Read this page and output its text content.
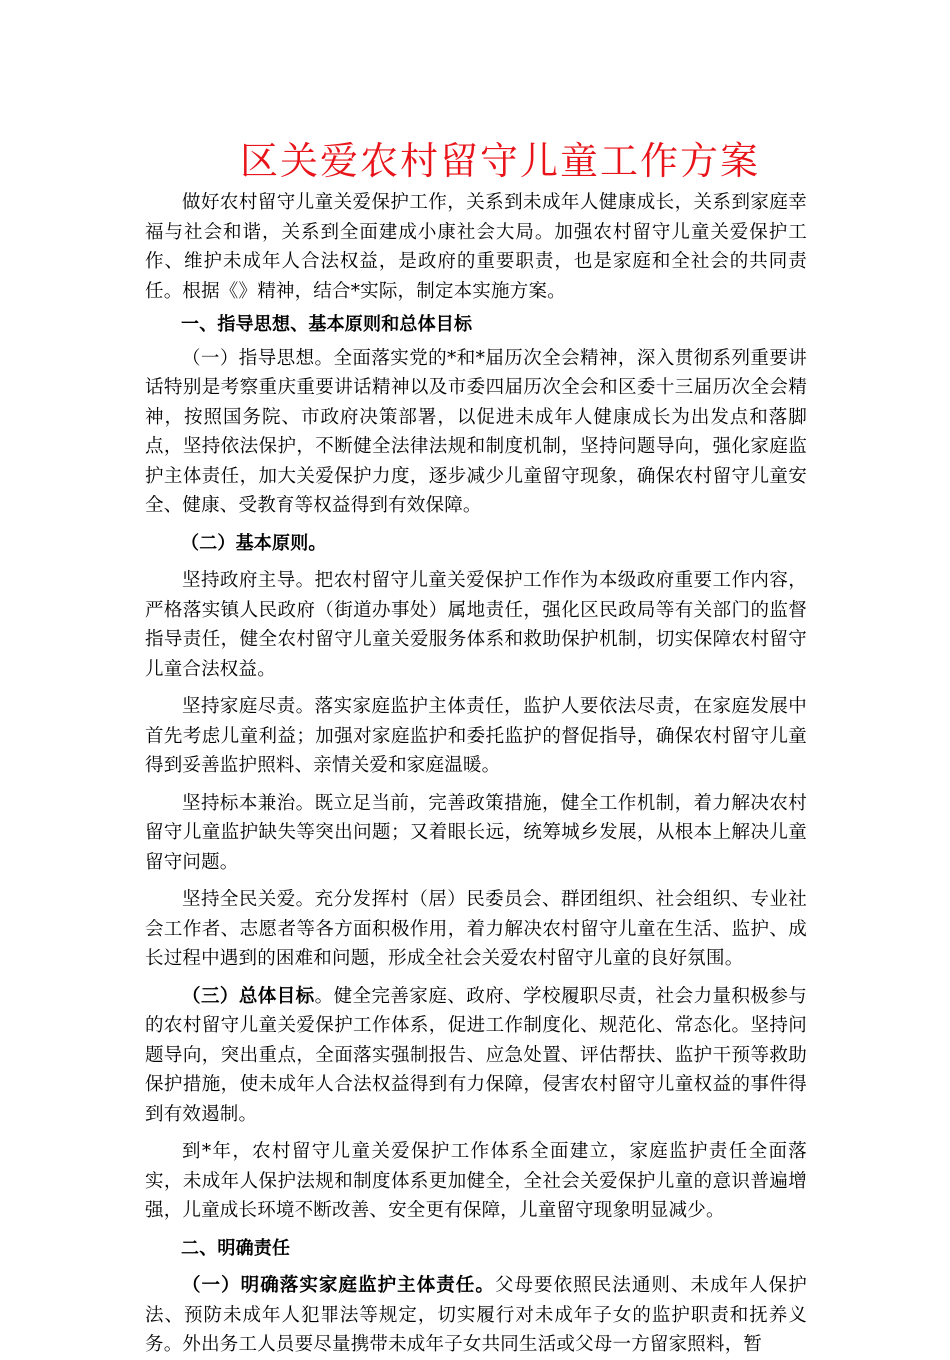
区关爱农村留守儿童工作方案

做好农村留守儿童关爱保护工作，关系到未成年人健康成长，关系到家庭幸福与社会和谐，关系到全面建成小康社会大局。加强农村留守儿童关爱保护工作、维护未成年人合法权益，是政府的重要职责，也是家庭和全社会的共同责任。根据《》精神，结合*实际，制定本实施方案。

一、指导思想、基本原则和总体目标

（一）指导思想。全面落实党的*和*届历次全会精神，深入贯彻系列重要讲话特别是考察重庆重要讲话精神以及市委四届历次全会和区委十三届历次全会精神，按照国务院、市政府决策部署，以促进未成年人健康成长为出发点和落脚点，坚持依法保护，不断健全法律法规和制度机制，坚持问题导向，强化家庭监护主体责任，加大关爱保护力度，逐步减少儿童留守现象，确保农村留守儿童安全、健康、受教育等权益得到有效保障。

（二）基本原则。

坚持政府主导。把农村留守儿童关爱保护工作作为本级政府重要工作内容，严格落实镇人民政府（街道办事处）属地责任，强化区民政局等有关部门的监督指导责任，健全农村留守儿童关爱服务体系和救助保护机制，切实保障农村留守儿童合法权益。

坚持家庭尽责。落实家庭监护主体责任，监护人要依法尽责，在家庭发展中首先考虑儿童利益；加强对家庭监护和委托监护的督促指导，确保农村留守儿童得到妥善监护照料、亲情关爱和家庭温暖。

坚持标本兼治。既立足当前，完善政策措施，健全工作机制，着力解决农村留守儿童监护缺失等突出问题；又着眼长远，统筹城乡发展，从根本上解决儿童留守问题。

坚持全民关爱。充分发挥村（居）民委员会、群团组织、社会组织、专业社会工作者、志愿者等各方面积极作用，着力解决农村留守儿童在生活、监护、成长过程中遇到的困难和问题，形成全社会关爱农村留守儿童的良好氛围。

（三）总体目标。健全完善家庭、政府、学校履职尽责，社会力量积极参与的农村留守儿童关爱保护工作体系，促进工作制度化、规范化、常态化。坚持问题导向，突出重点，全面落实强制报告、应急处置、评估帮扶、监护干预等救助保护措施，使未成年人合法权益得到有力保障，侵害农村留守儿童权益的事件得到有效遏制。

到*年，农村留守儿童关爱保护工作体系全面建立，家庭监护责任全面落实，未成年人保护法规和制度体系更加健全，全社会关爱保护儿童的意识普遍增强，儿童成长环境不断改善、安全更有保障，儿童留守现象明显减少。

二、明确责任

（一）明确落实家庭监护主体责任。父母要依照民法通则、未成年人保护法、预防未成年人犯罪法等规定，切实履行对未成年子女的监护职责和抚养义务。外出务工人员要尽量携带未成年子女共同生活或父母一方留家照料，暂
